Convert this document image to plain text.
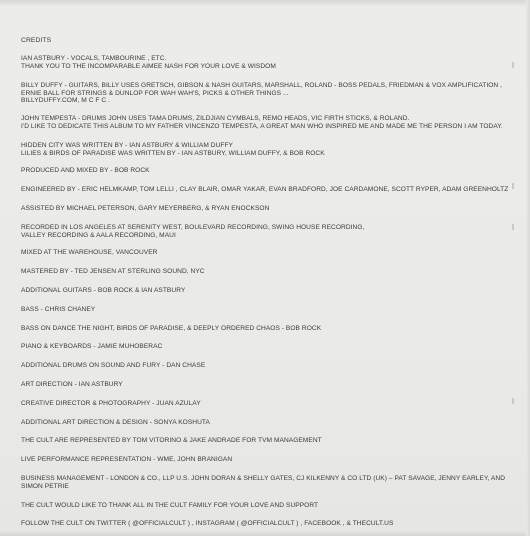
CREDITS

IAN ASTBURY - VOCALS, TAMBOURINE , ETC.

THANK YOU TO THE INCOMPARABLE AIMEE NASH FOR YOUR LOVE & WISDOM

BILLY DUFFY - GUITARS, BILLY USES GRETSCH, GIBSON & NASH GUITARS, MARSHALL, ROLAND - BOSS PEDALS, FRIEDMAN & VOX AMPLIFICATION ,

ERNIE BALL FOR STRINGS & DUNLOP FOR WAH WAH'S, PICKS & OTHER THINGS ...

BILLYDUFFY.COM, M C F C .

JOHN TEMPESTA - DRUMS JOHN USES TAMA DRUMS, ZILDJIAN CYMBALS, REMO HEADS, VIC FIRTH STICKS, & ROLAND.

I'D LIKE TO DEDICATE THIS ALBUM TO MY FATHER VINCENZO TEMPESTA, A GREAT MAN WHO INSPIRED ME AND MADE ME THE PERSON I AM TODAY.

HIDDEN CITY WAS WRITTEN BY - IAN ASTBURY & WILLIAM DUFFY

LILIES & BIRDS OF PARADISE WAS WRITTEN BY - IAN ASTBURY, WILLIAM DUFFY, & BOB ROCK

PRODUCED AND MIXED BY - BOB ROCK

ENGINEERED BY - ERIC HELMKAMP, TOM LELLI , CLAY BLAIR, OMAR YAKAR, EVAN BRADFORD, JOE CARDAMONE, SCOTT RYPER, ADAM GREENHOLTZ

ASSISTED BY MICHAEL PETERSON, GARY MEYERBERG, & RYAN ENOCKSON

RECORDED IN LOS ANGELES AT SERENITY WEST, BOULEVARD RECORDING, SWING HOUSE RECORDING,

VALLEY RECORDING & AALA RECORDING, MAUI

MIXED AT THE WAREHOUSE, VANCOUVER

MASTERED BY - TED JENSEN AT STERLING SOUND, NYC

ADDITIONAL GUITARS - BOB ROCK & IAN ASTBURY

BASS - CHRIS CHANEY

BASS ON DANCE THE NIGHT, BIRDS OF PARADISE, & DEEPLY ORDERED CHAOS - BOB ROCK

PIANO & KEYBOARDS - JAMIE MUHOBERAC

ADDITIONAL DRUMS ON SOUND AND FURY - DAN CHASE

ART DIRECTION - IAN ASTBURY

CREATIVE DIRECTOR & PHOTOGRAPHY - JUAN AZULAY

ADDITIONAL ART DIRECTION & DESIGN - SONYA KOSHUTA

THE CULT ARE REPRESENTED BY TOM VITORINO & JAKE ANDRADE FOR TVM MANAGEMENT

LIVE PERFORMANCE REPRESENTATION - WME, JOHN BRANIGAN

BUSINESS MANAGEMENT - LONDON & CO., LLP U.S. JOHN DORAN & SHELLY GATES, CJ KILKENNY & CO LTD (UK) – PAT SAVAGE, JENNY EARLEY, AND

SIMON PETRIE

THE CULT WOULD LIKE TO THANK ALL IN THE CULT FAMILY FOR YOUR LOVE AND SUPPORT

FOLLOW THE CULT ON TWITTER ( @OFFICIALCULT ) , INSTAGRAM ( @OFFICIALCULT ) , FACEBOOK , & THECULT.US
